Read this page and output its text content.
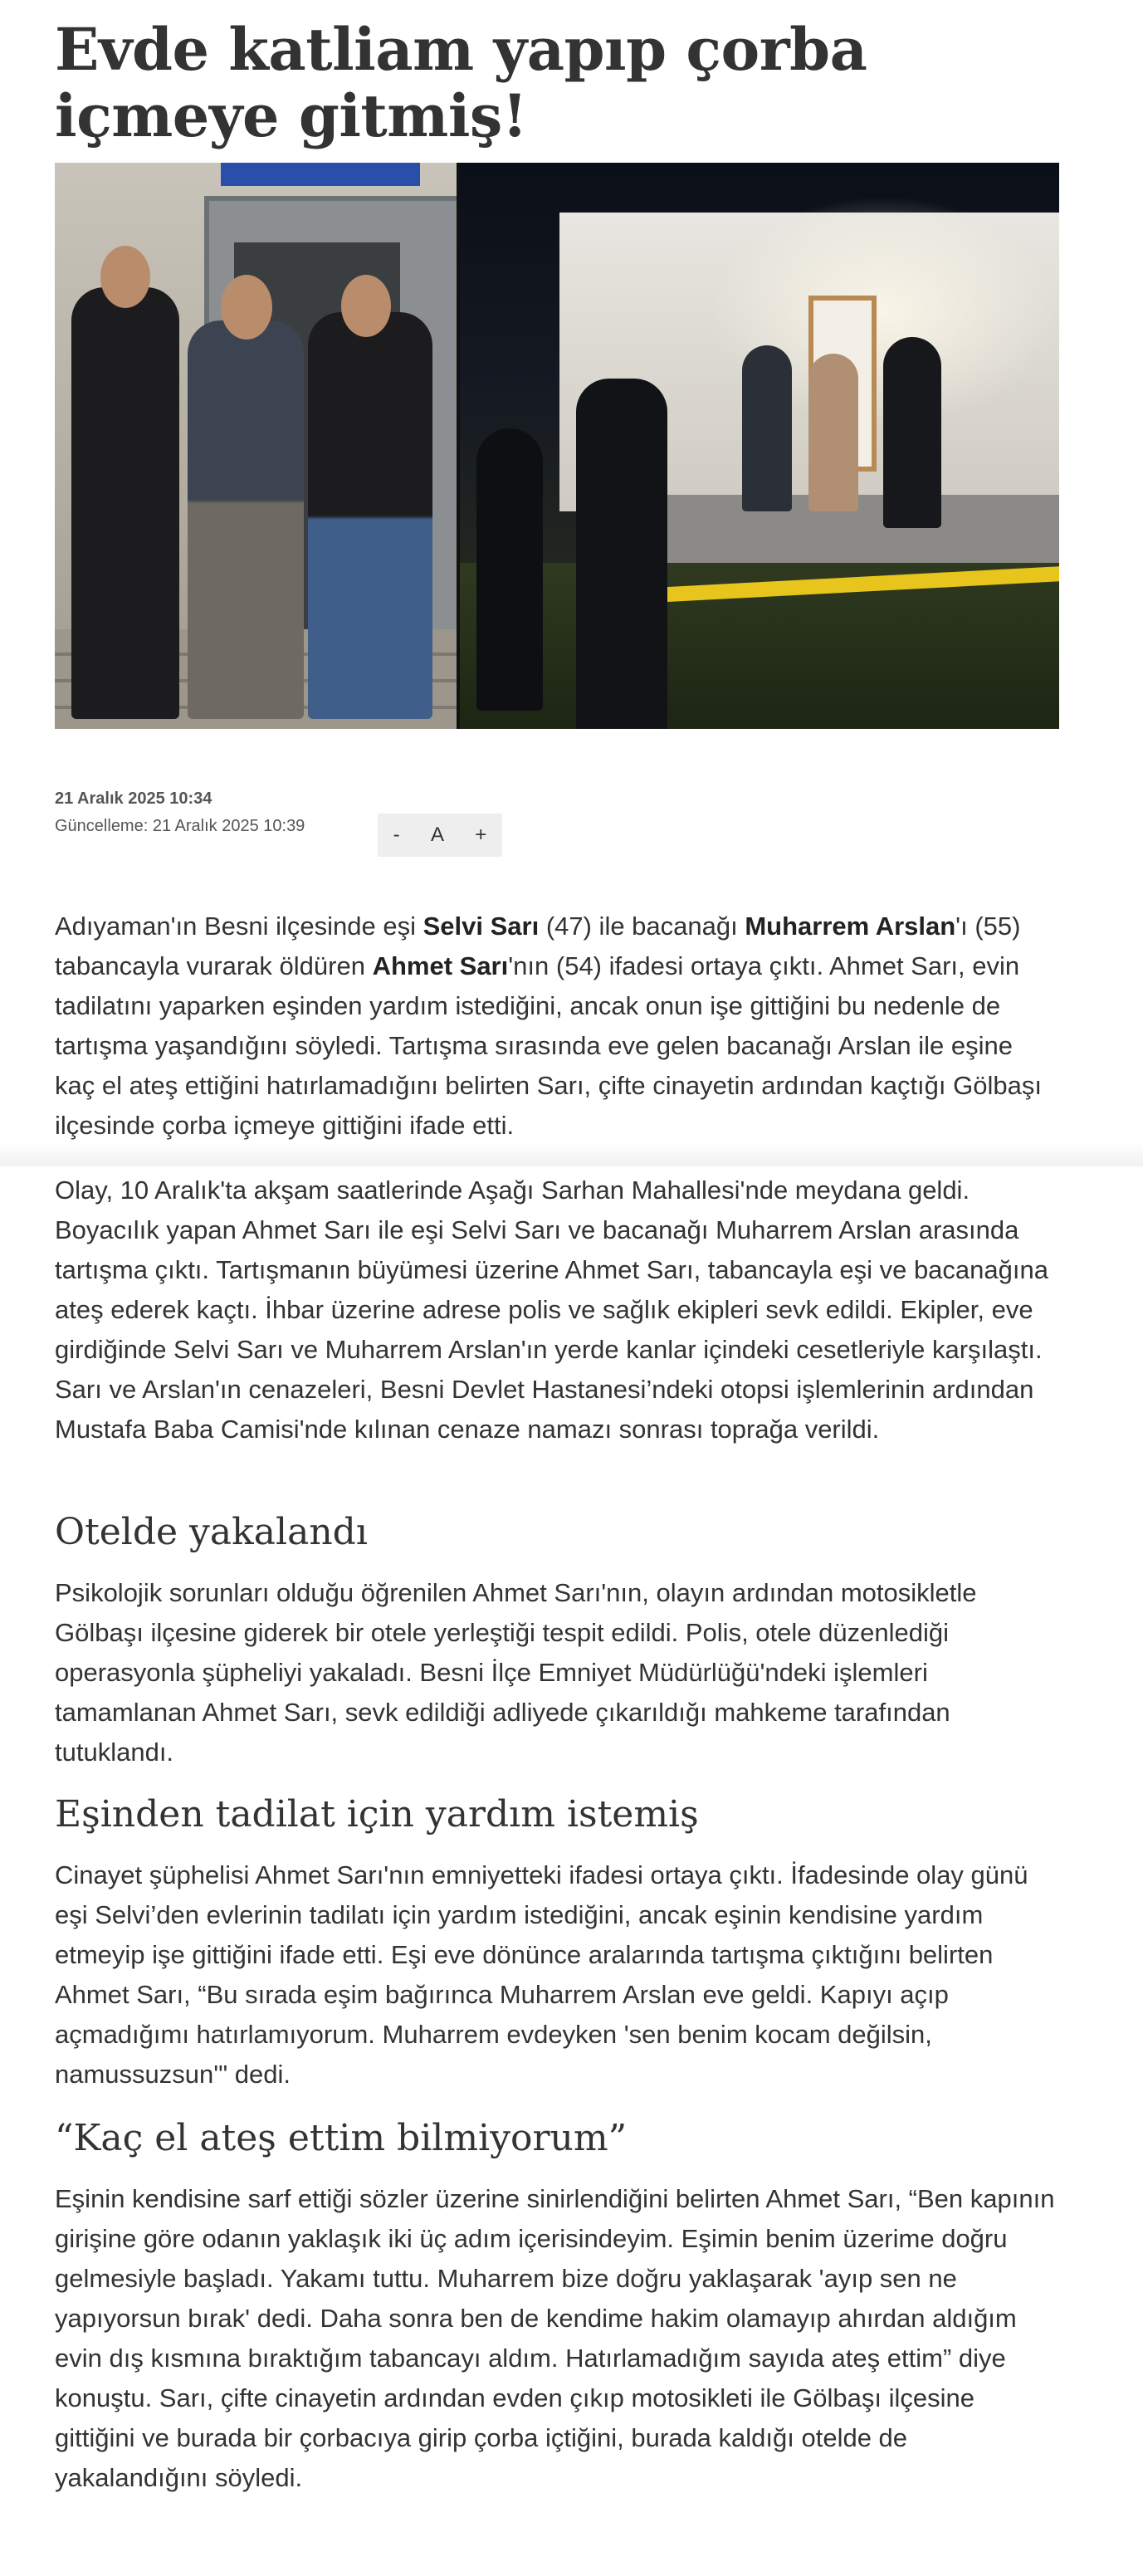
Evde katliam yapıp çorba içmeye gitmiş!
21 Aralık 2025 10:34
Güncelleme: 21 Aralık 2025 10:39	- A +

Adıyaman'ın Besni ilçesinde eşi Selvi Sarı (47) ile bacanağı Muharrem Arslan'ı (55) tabancayla vurarak öldüren Ahmet Sarı'nın (54) ifadesi ortaya çıktı. Ahmet Sarı, evin tadilatını yaparken eşinden yardım istediğini, ancak onun işe gittiğini bu nedenle de tartışma yaşandığını söyledi. Tartışma sırasında eve gelen bacanağı Arslan ile eşine kaç el ateş ettiğini hatırlamadığını belirten Sarı, çifte cinayetin ardından kaçtığı Gölbaşı ilçesinde çorba içmeye gittiğini ifade etti.

Olay, 10 Aralık'ta akşam saatlerinde Aşağı Sarhan Mahallesi'nde meydana geldi. Boyacılık yapan Ahmet Sarı ile eşi Selvi Sarı ve bacanağı Muharrem Arslan arasında tartışma çıktı. Tartışmanın büyümesi üzerine Ahmet Sarı, tabancayla eşi ve bacanağına ateş ederek kaçtı. İhbar üzerine adrese polis ve sağlık ekipleri sevk edildi. Ekipler, eve girdiğinde Selvi Sarı ve Muharrem Arslan'ın yerde kanlar içindeki cesetleriyle karşılaştı. Sarı ve Arslan'ın cenazeleri, Besni Devlet Hastanesi’ndeki otopsi işlemlerinin ardından Mustafa Baba Camisi'nde kılınan cenaze namazı sonrası toprağa verildi.

Otelde yakalandı

Psikolojik sorunları olduğu öğrenilen Ahmet Sarı'nın, olayın ardından motosikletle Gölbaşı ilçesine giderek bir otele yerleştiği tespit edildi. Polis, otele düzenlediği operasyonla şüpheliyi yakaladı. Besni İlçe Emniyet Müdürlüğü'ndeki işlemleri tamamlanan Ahmet Sarı, sevk edildiği adliyede çıkarıldığı mahkeme tarafından tutuklandı.

Eşinden tadilat için yardım istemiş

Cinayet şüphelisi Ahmet Sarı'nın emniyetteki ifadesi ortaya çıktı. İfadesinde olay günü eşi Selvi’den evlerinin tadilatı için yardım istediğini, ancak eşinin kendisine yardım etmeyip işe gittiğini ifade etti. Eşi eve dönünce aralarında tartışma çıktığını belirten Ahmet Sarı, “Bu sırada eşim bağırınca Muharrem Arslan eve geldi. Kapıyı açıp açmadığımı hatırlamıyorum. Muharrem evdeyken 'sen benim kocam değilsin, namussuzsun'" dedi.

“Kaç el ateş ettim bilmiyorum”

Eşinin kendisine sarf ettiği sözler üzerine sinirlendiğini belirten Ahmet Sarı, “Ben kapının girişine göre odanın yaklaşık iki üç adım içerisindeyim. Eşimin benim üzerime doğru gelmesiyle başladı. Yakamı tuttu. Muharrem bize doğru yaklaşarak 'ayıp sen ne yapıyorsun bırak' dedi. Daha sonra ben de kendime hakim olamayıp ahırdan aldığım evin dış kısmına bıraktığım tabancayı aldım. Hatırlamadığım sayıda ateş ettim” diye konuştu. Sarı, çifte cinayetin ardından evden çıkıp motosikleti ile Gölbaşı ilçesine gittiğini ve burada bir çorbacıya girip çorba içtiğini, burada kaldığı otelde de yakalandığını söyledi.
